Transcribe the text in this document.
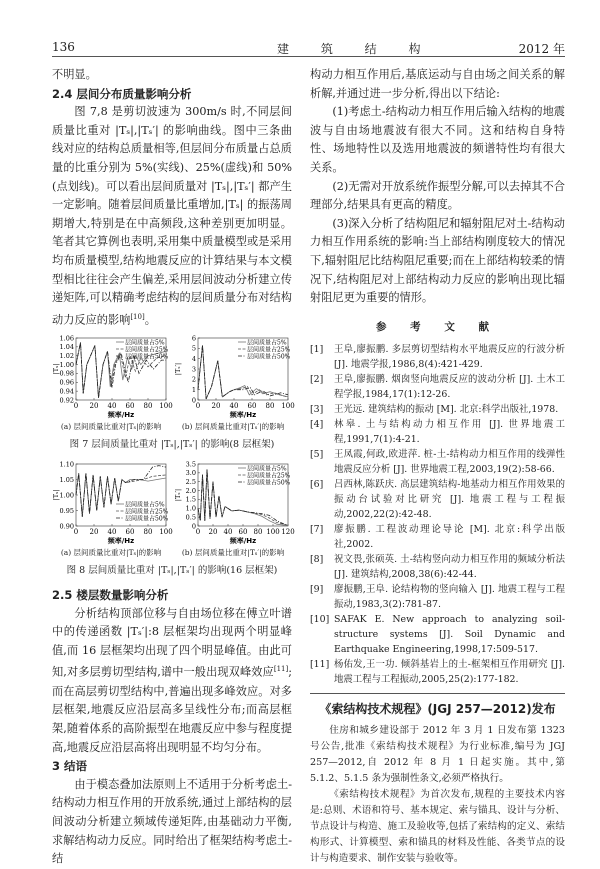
136	建 筑 结 构	2012 年

不明显。

2.4 层间分布质量影响分析

图 7,8 是剪切波速为 300m/s 时,不同层间质量比重对 |Tₛ|,|Tₛ′| 的影响曲线。图中三条曲线对应的结构总质量相等,但层间分布质量占总质量的比重分别为 5%(实线)、25%(虚线)和 50%(点划线)。可以看出层间质量对 |Tₛ|,|Tₛ′| 都产生一定影响。随着层间质量比重增加,|Tₛ| 的振荡周期增大,特别是在中高频段,这种差别更加明显。笔者其它算例也表明,采用集中质量模型或是采用均布质量模型,结构地震反应的计算结果与本文模型相比往往会产生偏差,采用层间波动分析建立传递矩阵,可以精确考虑结构的层间质量分布对结构动力反应的影响[10]。

0 20 40 60 80 100
0.92
0.94
0.96
0.98
1.00
1.02
1.04
1.06
频率/Hz
|Tₛ|
层间质量占5%
层间质量占25%
层间质量占50%
(a) 层间质量比重对|Tₛ|的影响
0 20 40 60 80 100
0
1
2
3
4
5
6
频率/Hz
|Tₛ′|
层间质量占5%
层间质量占25%
层间质量占50%
(b) 层间质量比重对|Tₛ′|的影响
图 7 层间质量比重对 |Tₛ|,|Tₛ′| 的影响(8 层框架)
0 20 40 60 80 100
0.90
0.95
1.00
1.05
1.10
频率/Hz
|Tₛ|
层间质量占5%
层间质量占25%
层间质量占50%
(a) 层间质量比重对|Tₛ|的影响
0 20 40 60 80 100 120
0
0.5
1.0
1.5
2.0
2.5
3.0
3.5
频率/Hz
|Tₛ′|
层间质量占5%
层间质量占25%
层间质量占50%
(b) 层间质量比重对|Tₛ′|的影响
图 8 层间质量比重对 |Tₛ|,|Tₛ′| 的影响(16 层框架)
2.5 楼层数量影响分析

分析结构顶部位移与自由场位移在傅立叶谱中的传递函数 |Tₛ′|:8 层框架均出现两个明显峰值,而 16 层框架均出现了四个明显峰值。由此可知,对多层剪切型结构,谱中一般出现双峰效应[11];而在高层剪切型结构中,普遍出现多峰效应。对多层框架,地震反应沿层高多呈线性分布;而高层框架,随着体系的高阶振型在地震反应中参与程度提高,地震反应沿层高将出现明显不均匀分布。

3 结语

由于模态叠加法原则上不适用于分析考虑土-结构动力相互作用的开放系统,通过上部结构的层间波动分析建立频域传递矩阵,由基础动力平衡,求解结构动力反应。同时给出了框架结构考虑土-结

构动力相互作用后,基底运动与自由场之间关系的解析解,并通过进一步分析,得出以下结论:

(1)考虑土-结构动力相互作用后输入结构的地震波与自由场地震波有很大不同。这和结构自身特性、场地特性以及选用地震波的频谱特性均有很大关系。

(2)无需对开放系统作振型分解,可以去掉其不合理部分,结果具有更高的精度。

(3)深入分析了结构阻尼和辐射阻尼对土-结构动力相互作用系统的影响:当上部结构刚度较大的情况下,辐射阻尼比结构阻尼重要;而在上部结构较柔的情况下,结构阻尼对上部结构动力反应的影响出现比辐射阻尼更为重要的情形。

参 考 文 献
[1]	王阜,廖振鹏. 多层剪切型结构水平地震反应的行波分析 [J]. 地震学报,1986,8(4):421-429.
[2]	王阜,廖振鹏. 烟囱竖向地震反应的波动分析 [J]. 土木工程学报,1984,17(1):12-26.
[3]	王光远. 建筑结构的振动 [M]. 北京:科学出版社,1978.
[4]	林皋. 土与结构动力相互作用 [J]. 世界地震工程,1991,7(1):4-21.
[5]	王凤霞,何政,欧进萍. 桩-土-结构动力相互作用的线弹性地震反应分析 [J]. 世界地震工程,2003,19(2):58-66.
[6]	吕西林,陈跃庆. 高层建筑结构-地基动力相互作用效果的振动台试验对比研究 [J]. 地震工程与工程振动,2002,22(2):42-48.
[7]	廖振鹏. 工程波动理论导论 [M]. 北京:科学出版社,2002.
[8]	祝文畏,张硕英. 土-结构竖向动力相互作用的频域分析法 [J]. 建筑结构,2008,38(6):42-44.
[9]	廖振鹏,王阜. 论结构物的竖向输入 [J]. 地震工程与工程振动,1983,3(2):781-87.
[10] SAFAK E. New approach to analyzing soil-structure systems [J]. Soil Dynamic and Earthquake Engineering,1998,17:509-517.
[11] 杨佑发,王一功. 倾斜基岩上的土-框架相互作用研究 [J]. 地震工程与工程振动,2005,25(2):177-182.
《索结构技术规程》(JGJ 257—2012)发布

住房和城乡建设部于 2012 年 3 月 1 日发布第 1323 号公告,批准《索结构技术规程》为行业标准,编号为 JGJ 257—2012,自 2012 年 8 月 1 日起实施。其中,第 5.1.2、5.1.5 条为强制性条文,必须严格执行。

《索结构技术规程》为首次发布,规程的主要技术内容是:总则、术语和符号、基本规定、索与锚具、设计与分析、节点设计与构造、施工及验收等,包括了索结构的定义、索结构形式、计算模型、索和锚具的材料及性能、各类节点的设计与构造要求、制作安装与验收等。
